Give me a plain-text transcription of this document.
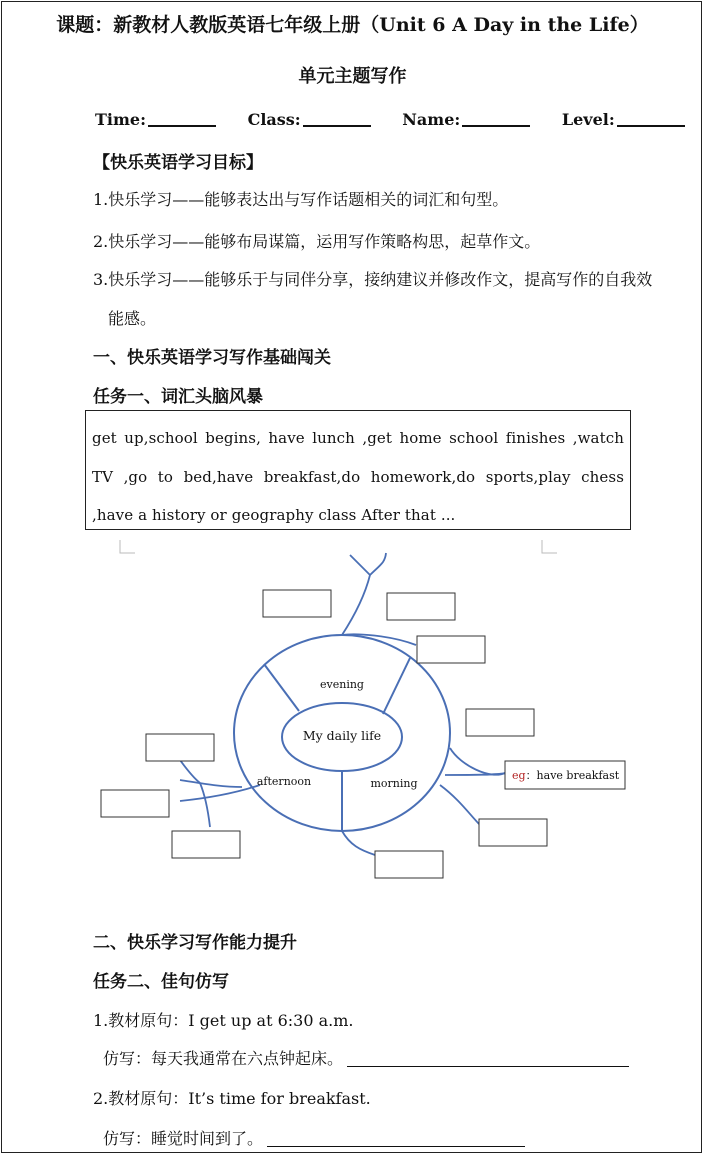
课题：新教材人教版英语七年级上册（Unit 6 A Day in the Life）
单元主题写作
Time:	Class:	Name:	Level:
【快乐英语学习目标】
1.快乐学习——能够表达出与写作话题相关的词汇和句型。
2.快乐学习——能够布局谋篇，运用写作策略构思，起草作文。
3.快乐学习——能够乐于与同伴分享，接纳建议并修改作文，提高写作的自我效
能感。
一、快乐英语学习写作基础闯关
任务一、词汇头脑风暴
get up,school begins, have lunch ,get home school finishes ,watch TV ,go to bed,have breakfast,do homework,do sports,play chess ,have a history or geography class After that ...
My daily life
evening
afternoon	morning
eg：have breakfast
二、快乐学习写作能力提升
任务二、佳句仿写
1.教材原句：I get up at 6:30 a.m.
仿写：每天我通常在六点钟起床。
2.教材原句：It’s time for breakfast.
仿写：睡觉时间到了。
